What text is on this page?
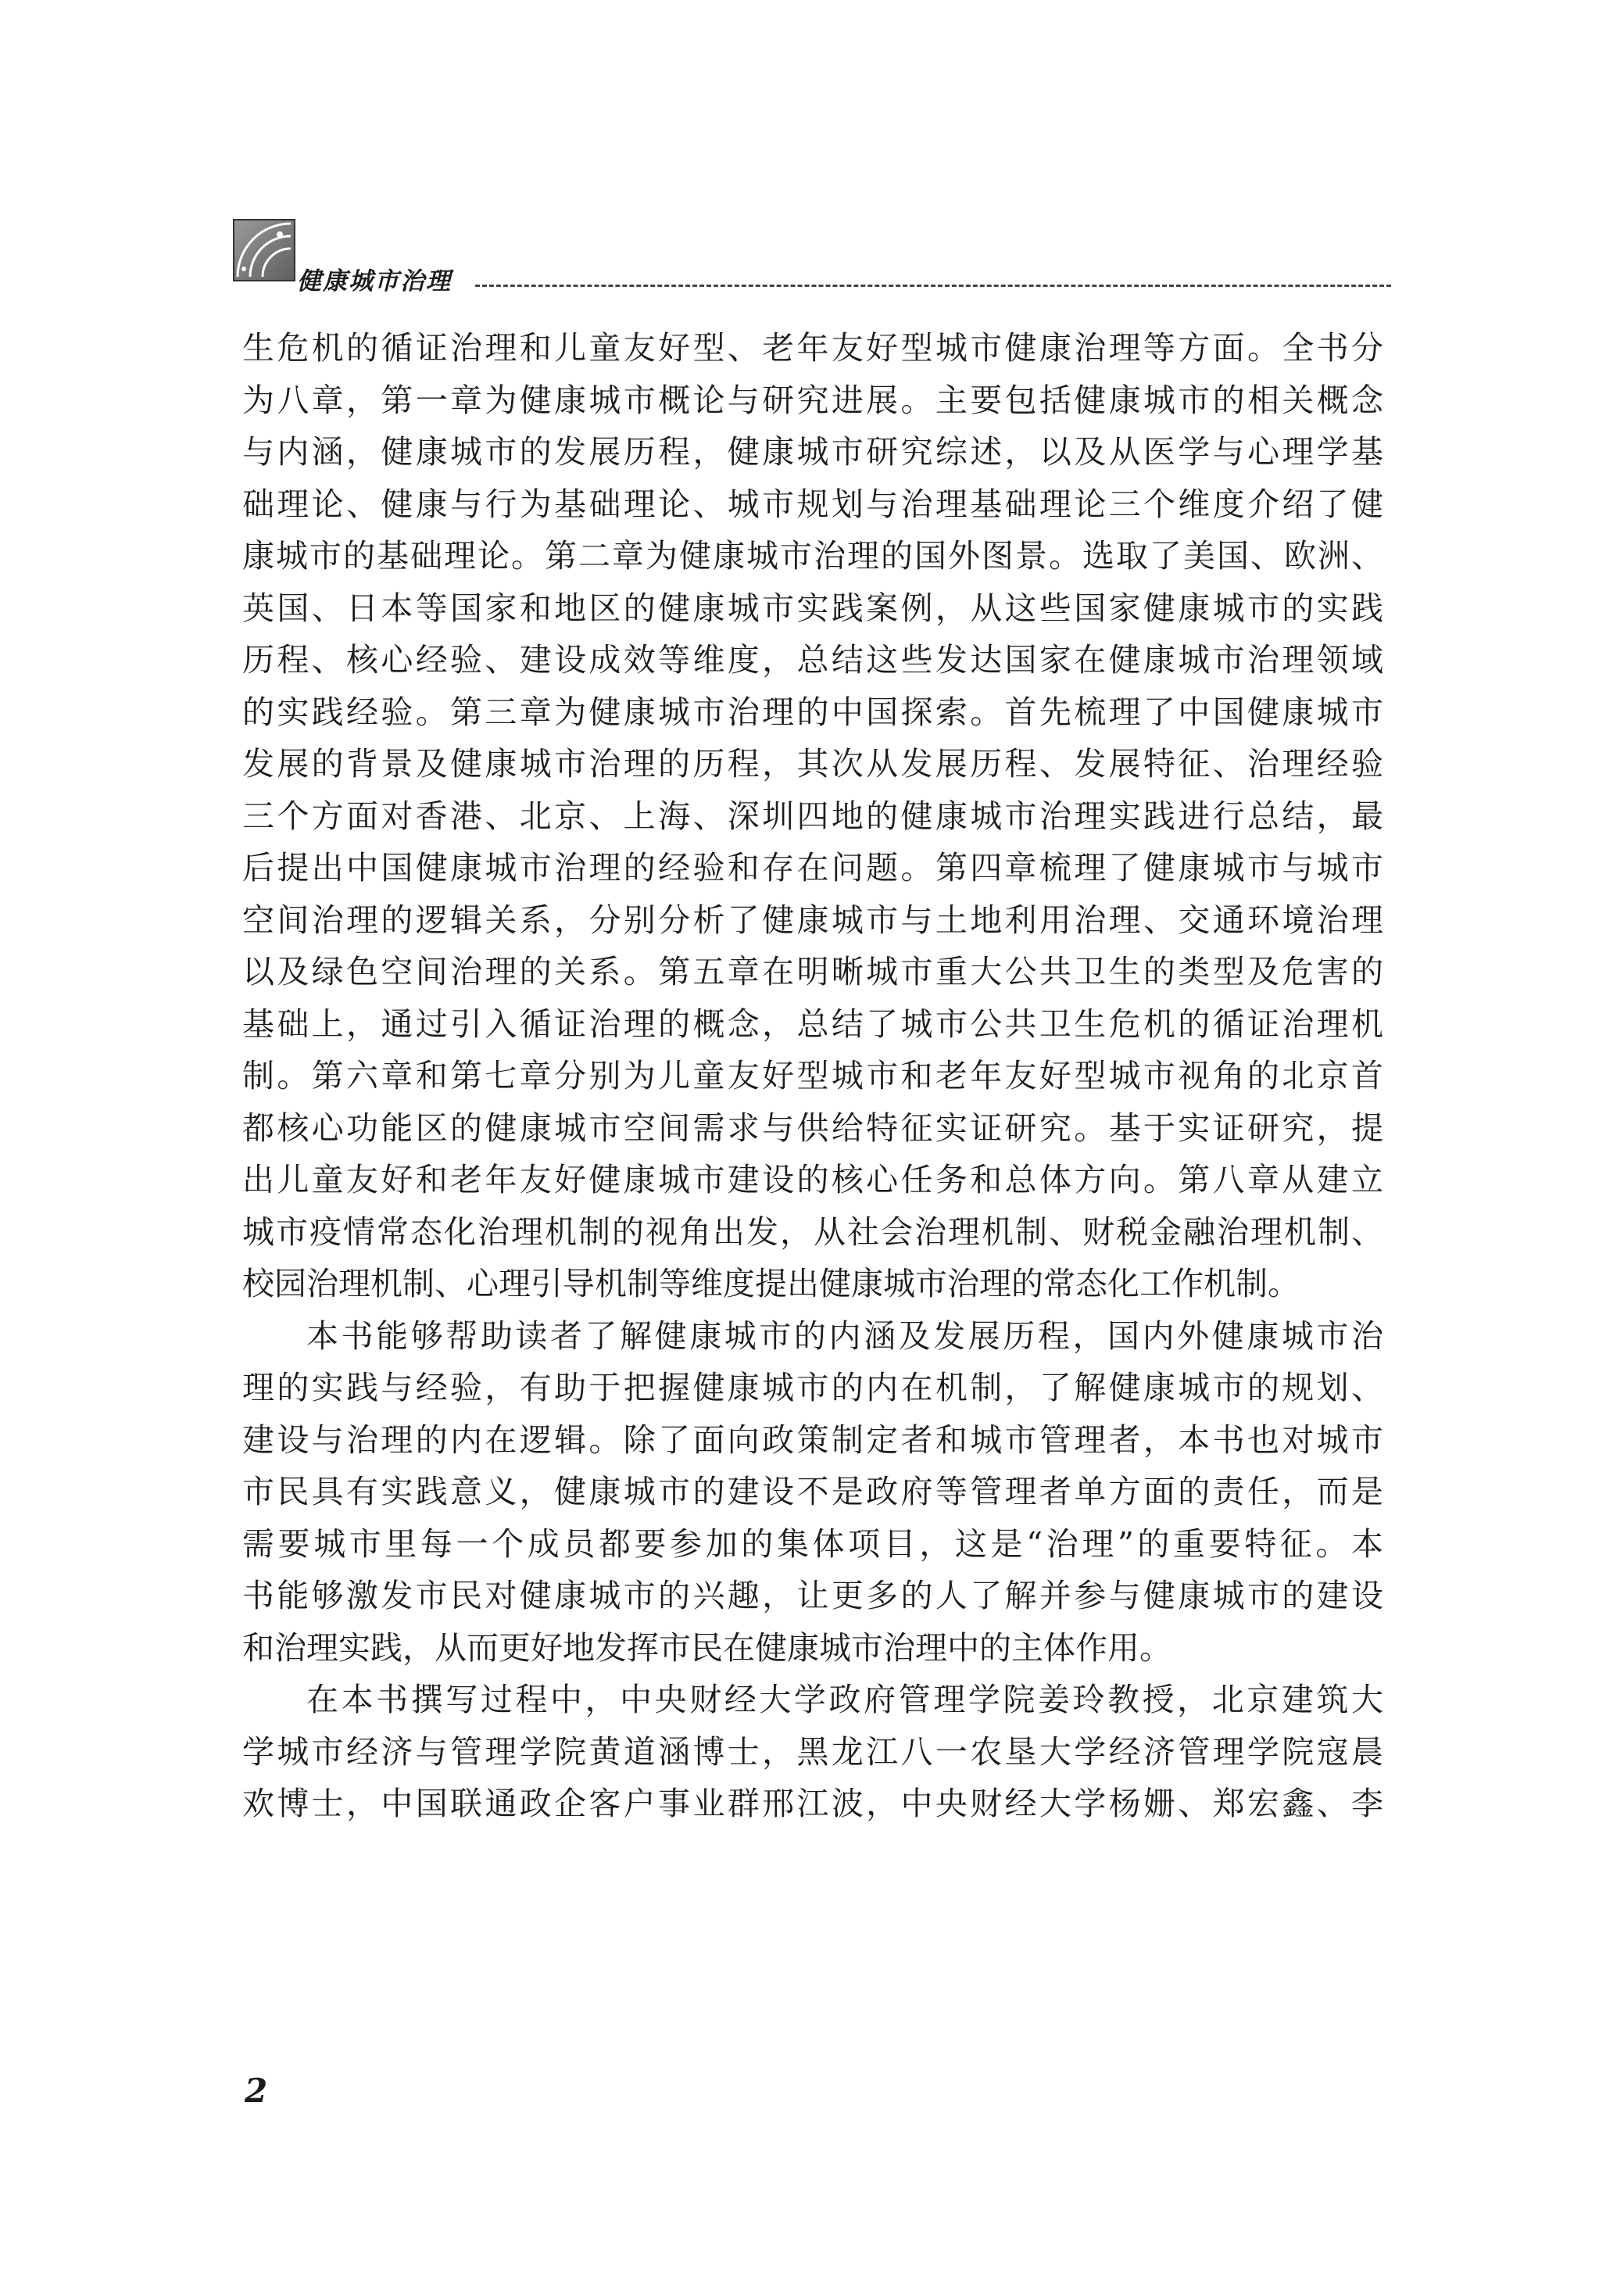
健康城市治理
生危机的循证治理和儿童友好型、老年友好型城市健康治理等方面。全书分
为八章，第一章为健康城市概论与研究进展。主要包括健康城市的相关概念
与内涵，健康城市的发展历程，健康城市研究综述，以及从医学与心理学基
础理论、健康与行为基础理论、城市规划与治理基础理论三个维度介绍了健
康城市的基础理论。第二章为健康城市治理的国外图景。选取了美国、欧洲、
英国、日本等国家和地区的健康城市实践案例，从这些国家健康城市的实践
历程、核心经验、建设成效等维度，总结这些发达国家在健康城市治理领域
的实践经验。第三章为健康城市治理的中国探索。首先梳理了中国健康城市
发展的背景及健康城市治理的历程，其次从发展历程、发展特征、治理经验
三个方面对香港、北京、上海、深圳四地的健康城市治理实践进行总结，最
后提出中国健康城市治理的经验和存在问题。第四章梳理了健康城市与城市
空间治理的逻辑关系，分别分析了健康城市与土地利用治理、交通环境治理
以及绿色空间治理的关系。第五章在明晰城市重大公共卫生的类型及危害的
基础上，通过引入循证治理的概念，总结了城市公共卫生危机的循证治理机
制。第六章和第七章分别为儿童友好型城市和老年友好型城市视角的北京首
都核心功能区的健康城市空间需求与供给特征实证研究。基于实证研究，提
出儿童友好和老年友好健康城市建设的核心任务和总体方向。第八章从建立
城市疫情常态化治理机制的视角出发，从社会治理机制、财税金融治理机制、
校园治理机制、心理引导机制等维度提出健康城市治理的常态化工作机制。
本书能够帮助读者了解健康城市的内涵及发展历程，国内外健康城市治
理的实践与经验，有助于把握健康城市的内在机制，了解健康城市的规划、
建设与治理的内在逻辑。除了面向政策制定者和城市管理者，本书也对城市
市民具有实践意义，健康城市的建设不是政府等管理者单方面的责任，而是
需要城市里每一个成员都要参加的集体项目，这是“治理”的重要特征。本
书能够激发市民对健康城市的兴趣，让更多的人了解并参与健康城市的建设
和治理实践，从而更好地发挥市民在健康城市治理中的主体作用。
在本书撰写过程中，中央财经大学政府管理学院姜玲教授，北京建筑大
学城市经济与管理学院黄道涵博士，黑龙江八一农垦大学经济管理学院寇晨
欢博士，中国联通政企客户事业群邢江波，中央财经大学杨姗、郑宏鑫、李
2
